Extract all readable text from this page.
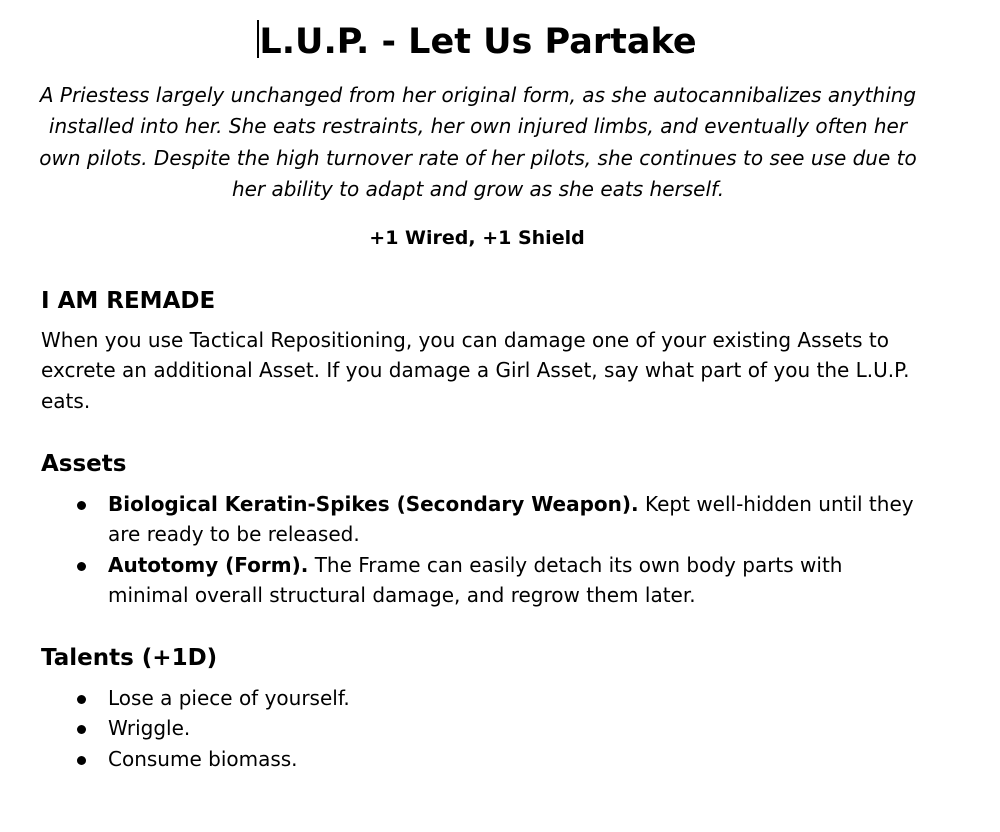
L.U.P. - Let Us Partake

A Priestess largely unchanged from her original form, as she autocannibalizes anything installed into her. She eats restraints, her own injured limbs, and eventually often her own pilots. Despite the high turnover rate of her pilots, she continues to see use due to her ability to adapt and grow as she eats herself.

+1 Wired, +1 Shield
I AM REMADE

When you use Tactical Repositioning, you can damage one of your existing Assets to excrete an additional Asset. If you damage a Girl Asset, say what part of you the L.U.P. eats.

Assets
Biological Keratin-Spikes (Secondary Weapon). Kept well-hidden until they are ready to be released.
Autotomy (Form). The Frame can easily detach its own body parts with minimal overall structural damage, and regrow them later.
Talents (+1D)
Lose a piece of yourself.
Wriggle.
Consume biomass.
